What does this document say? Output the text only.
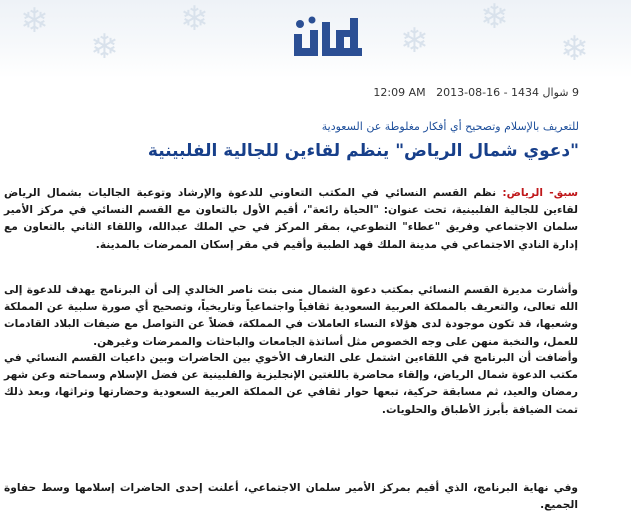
❄
❄
❄
❄
❄
❄
9 شوال 1434 - 16-08-2013   12:09 AM
للتعريف بالإسلام وتصحيح أي أفكار مغلوطة عن السعودية
"دعوي شمال الرياض" ينظم لقاءين للجالية الفلبينية

سبق- الرياض: نظم القسم النسائي في المكتب التعاوني للدعوة والإرشاد وتوعية الجاليات بشمال الرياض لقاءين للجالية الفلبينية، تحت عنوان: "الحياة رائعة"، أقيم الأول بالتعاون مع القسم النسائي في مركز الأمير سلمان الاجتماعي وفريق "عطاء" التطوعي، بمقر المركز في حي الملك عبدالله، واللقاء الثاني بالتعاون مع إدارة النادي الاجتماعي في مدينة الملك فهد الطبية وأقيم في مقر إسكان الممرضات بالمدينة.

وأشارت مديرة القسم النسائي بمكتب دعوة الشمال منى بنت ناصر الخالدي إلى أن البرنامج يهدف للدعوة إلى الله تعالى، والتعريف بالمملكة العربية السعودية ثقافياً واجتماعياً وتاريخياً، وتصحيح أي صورة سلبية عن المملكة وشعبها، قد تكون موجودة لدى هؤلاء النساء العاملات في المملكة، فضلاً عن التواصل مع ضيفات البلاد القادمات للعمل، والنخبة منهن على وجه الخصوص مثل أساتذة الجامعات والباحثات والممرضات وغيرهن.

وأضافت أن البرنامج في اللقاءين اشتمل على التعارف الأخوي بين الحاضرات وبين داعيات القسم النسائي في مكتب الدعوة شمال الرياض، وإلقاء محاضرة باللغتين الإنجليزية والفلبينية عن فضل الإسلام وسماحته وعن شهر رمضان والعيد، ثم مسابقة حركية، تبعها حوار ثقافي عن المملكة العربية السعودية وحضارتها وتراثها، وبعد ذلك تمت الضيافة بأبرز الأطباق والحلويات.

وفي نهاية البرنامج، الذي أقيم بمركز الأمير سلمان الاجتماعي، أعلنت إحدى الحاضرات إسلامها وسط حفاوة الجميع.
